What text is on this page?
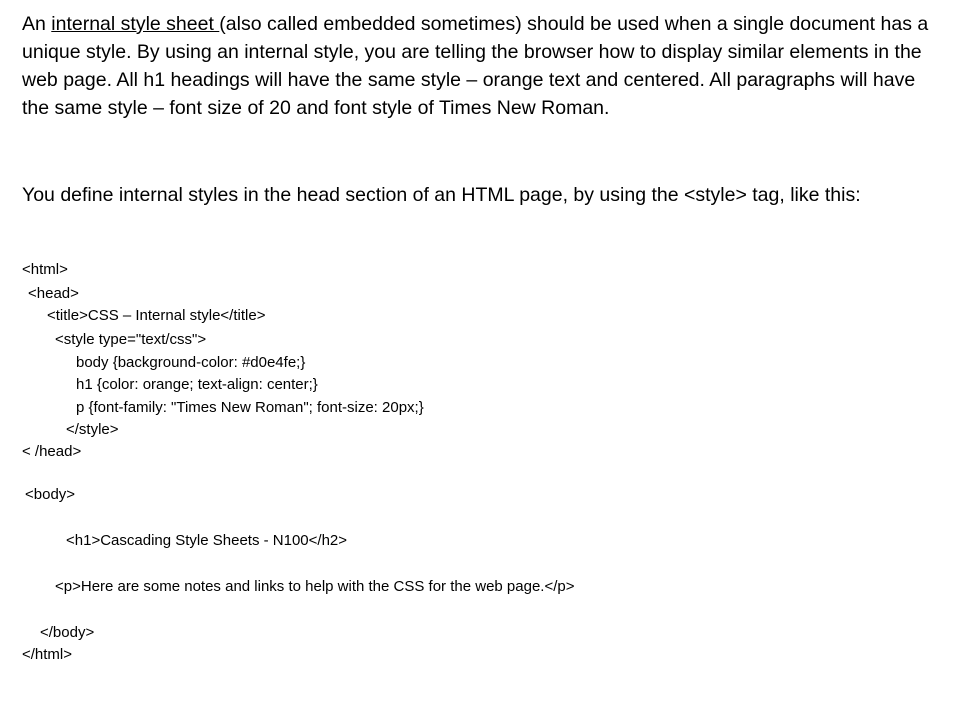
An internal style sheet (also called embedded sometimes) should be used when a single document has a unique style. By using an internal style, you are telling the browser how to display similar elements in the web page. All h1 headings will have the same style – orange text and centered. All paragraphs will have the same style – font size of 20 and font style of Times New Roman.
You define internal styles in the head section of an HTML page, by using the <style> tag, like this:
<html>
<head>
<title>CSS – Internal style</title>
<style type="text/css">
body {background-color: #d0e4fe;}
h1 {color: orange; text-align: center;}
p {font-family: "Times New Roman"; font-size: 20px;}
</style>
< /head>
<body>
<h1>Cascading Style Sheets - N100</h2>
<p>Here are some notes and links to help with the CSS for the web page.</p>
</body>
</html>
